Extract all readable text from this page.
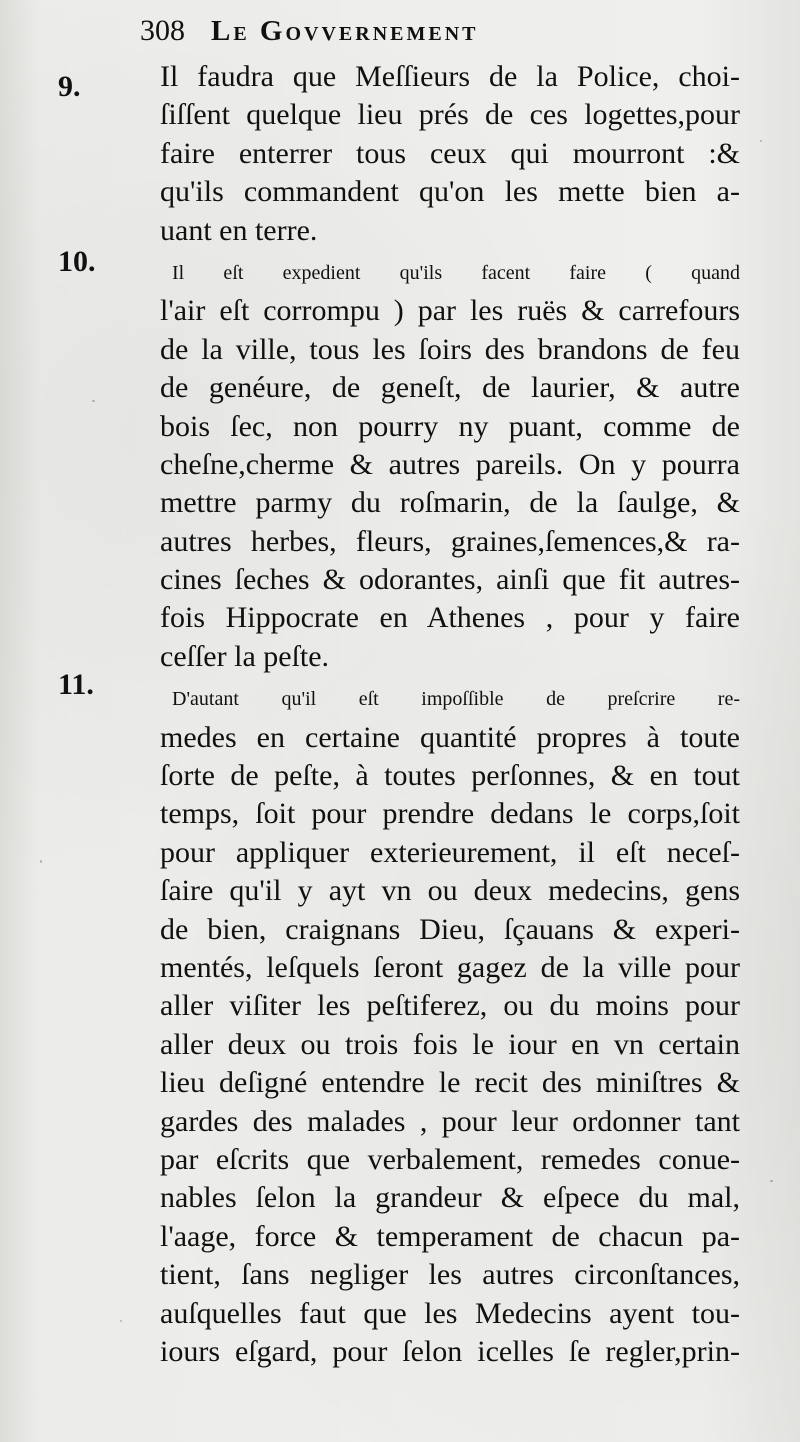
308 Le Govvernement
9.
10.
11.
Il faudra que Meſſieurs de la Police, choi-
ſiſſent quelque lieu prés de ces logettes,pour
faire enterrer tous ceux qui mourront :&
qu'ils commandent qu'on les mette bien a-
uant en terre.
Il eſt expedient qu'ils facent faire ( quand
l'air eſt corrompu ) par les ruës & carrefours
de la ville, tous les ſoirs des brandons de feu
de genéure, de geneſt, de laurier, & autre
bois ſec, non pourry ny puant, comme de
cheſne,cherme & autres pareils. On y pourra
mettre parmy du roſmarin, de la ſaulge, &
autres herbes, fleurs, graines,ſemences,& ra-
cines ſeches & odorantes, ainſi que fit autres-
fois Hippocrate en Athenes , pour y faire
ceſſer la peſte.
D'autant qu'il eſt impoſſible de preſcrire re-
medes en certaine quantité propres à toute
ſorte de peſte, à toutes perſonnes, & en tout
temps, ſoit pour prendre dedans le corps,ſoit
pour appliquer exterieurement, il eſt neceſ-
ſaire qu'il y ayt vn ou deux medecins, gens
de bien, craignans Dieu, ſçauans & experi-
mentés, leſquels ſeront gagez de la ville pour
aller viſiter les peſtiferez, ou du moins pour
aller deux ou trois fois le iour en vn certain
lieu deſigné entendre le recit des miniſtres &
gardes des malades , pour leur ordonner tant
par eſcrits que verbalement, remedes conue-
nables ſelon la grandeur & eſpece du mal,
l'aage, force & temperament de chacun pa-
tient, ſans negliger les autres circonſtances,
auſquelles faut que les Medecins ayent tou-
iours eſgard, pour ſelon icelles ſe regler,prin-
